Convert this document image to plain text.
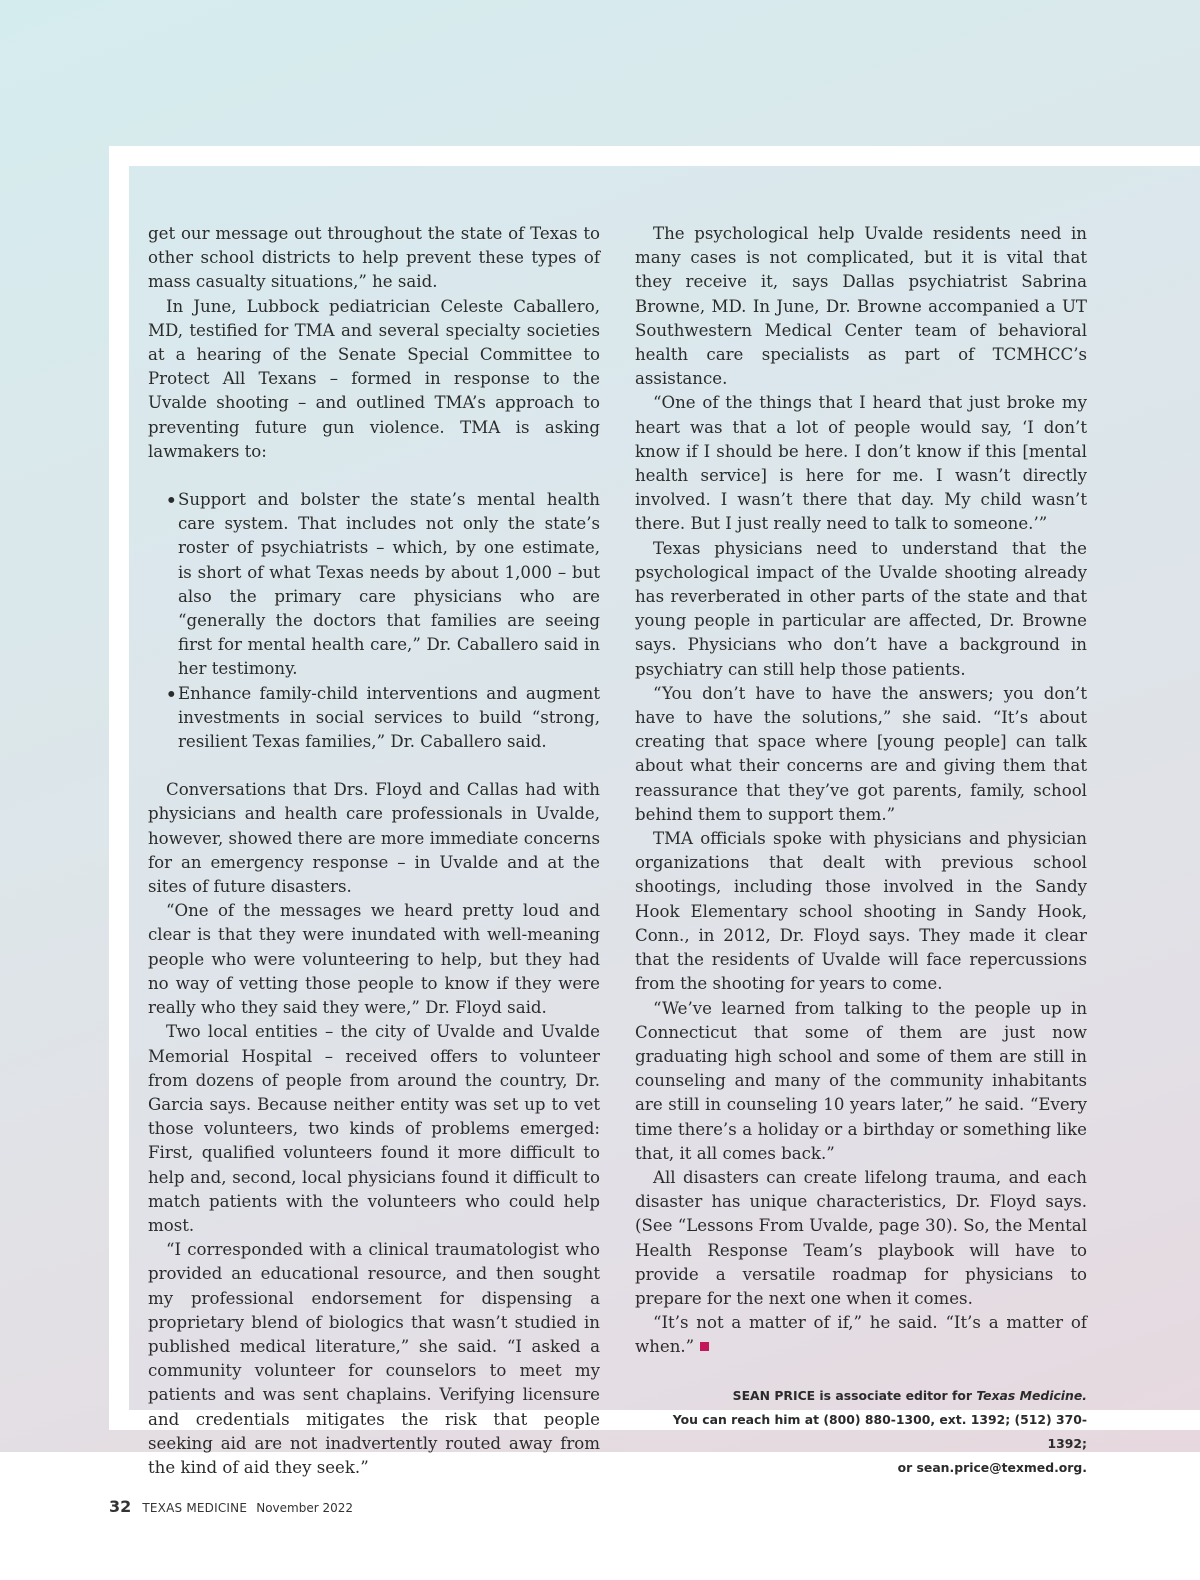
get our message out throughout the state of Texas to other school districts to help prevent these types of mass casualty situations,” he said.

In June, Lubbock pediatrician Celeste Caballero, MD, testified for TMA and several specialty societies at a hearing of the Senate Special Committee to Protect All Texans – formed in response to the Uvalde shooting – and outlined TMA’s approach to preventing future gun violence. TMA is asking lawmakers to:

• Support and bolster the state’s mental health care system. That includes not only the state’s roster of psychiatrists – which, by one estimate, is short of what Texas needs by about 1,000 – but also the primary care physicians who are “generally the doctors that families are seeing first for mental health care,” Dr. Caballero said in her testimony.
• Enhance family-child interventions and augment investments in social services to build “strong, resilient Texas families,” Dr. Caballero said.

Conversations that Drs. Floyd and Callas had with physicians and health care professionals in Uvalde, however, showed there are more immediate concerns for an emergency response – in Uvalde and at the sites of future disasters.

“One of the messages we heard pretty loud and clear is that they were inundated with well-meaning people who were volunteering to help, but they had no way of vetting those people to know if they were really who they said they were,” Dr. Floyd said.

Two local entities – the city of Uvalde and Uvalde Memorial Hospital – received offers to volunteer from dozens of people from around the country, Dr. Garcia says. Because neither entity was set up to vet those volunteers, two kinds of problems emerged: First, qualified volunteers found it more difficult to help and, second, local physicians found it difficult to match patients with the volunteers who could help most.

“I corresponded with a clinical traumatologist who provided an educational resource, and then sought my professional endorsement for dispensing a proprietary blend of biologics that wasn’t studied in published medical literature,” she said. “I asked a community volunteer for counselors to meet my patients and was sent chaplains. Verifying licensure and credentials mitigates the risk that people seeking aid are not inadvertently routed away from the kind of aid they seek.”

The psychological help Uvalde residents need in many cases is not complicated, but it is vital that they receive it, says Dallas psychiatrist Sabrina Browne, MD. In June, Dr. Browne accompanied a UT Southwestern Medical Center team of behavioral health care specialists as part of TCMHCC’s assistance.

“One of the things that I heard that just broke my heart was that a lot of people would say, ‘I don’t know if I should be here. I don’t know if this [mental health service] is here for me. I wasn’t directly involved. I wasn’t there that day. My child wasn’t there. But I just really need to talk to someone.’”

Texas physicians need to understand that the psychological impact of the Uvalde shooting already has reverberated in other parts of the state and that young people in particular are affected, Dr. Browne says. Physicians who don’t have a background in psychiatry can still help those patients.

“You don’t have to have the answers; you don’t have to have the solutions,” she said. “It’s about creating that space where [young people] can talk about what their concerns are and giving them that reassurance that they’ve got parents, family, school behind them to support them.”

TMA officials spoke with physicians and physician organizations that dealt with previous school shootings, including those involved in the Sandy Hook Elementary school shooting in Sandy Hook, Conn., in 2012, Dr. Floyd says. They made it clear that the residents of Uvalde will face repercussions from the shooting for years to come.

“We’ve learned from talking to the people up in Connecticut that some of them are just now graduating high school and some of them are still in counseling and many of the community inhabitants are still in counseling 10 years later,” he said. “Every time there’s a holiday or a birthday or something like that, it all comes back.”

All disasters can create lifelong trauma, and each disaster has unique characteristics, Dr. Floyd says. (See “Lessons From Uvalde, page 30). So, the Mental Health Response Team’s playbook will have to provide a versatile roadmap for physicians to prepare for the next one when it comes.

“It’s not a matter of if,” he said. “It’s a matter of when.”

SEAN PRICE is associate editor for Texas Medicine.
You can reach him at (800) 880-1300, ext. 1392; (512) 370-1392;
or sean.price@texmed.org.
32 TEXAS MEDICINE November 2022
